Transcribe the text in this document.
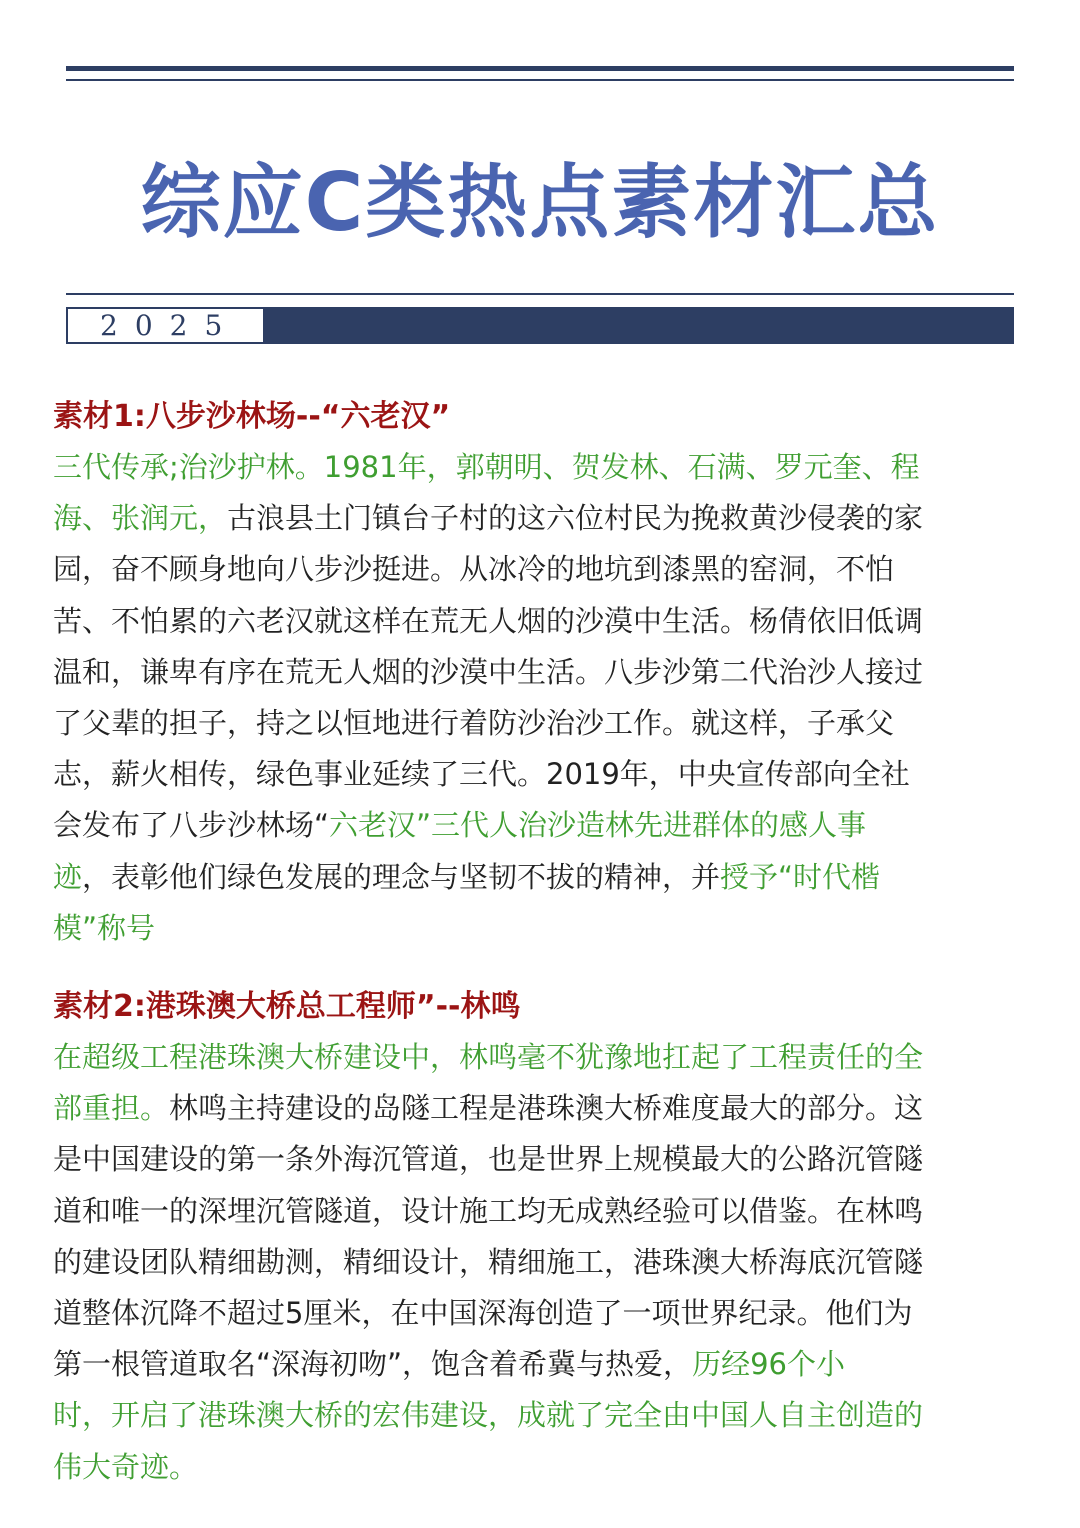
综应C类热点素材汇总
2025
素材1:八步沙林场--“六老汉”
三代传承;治沙护林。1981年，郭朝明、贺发林、石满、罗元奎、程
海、张润元，古浪县土门镇台子村的这六位村民为挽救黄沙侵袭的家
园，奋不顾身地向八步沙挺进。从冰冷的地坑到漆黑的窑洞，不怕
苦、不怕累的六老汉就这样在荒无人烟的沙漠中生活。杨倩依旧低调
温和，谦卑有序在荒无人烟的沙漠中生活。八步沙第二代治沙人接过
了父辈的担子，持之以恒地进行着防沙治沙工作。就这样，子承父
志，薪火相传，绿色事业延续了三代。2019年，中央宣传部向全社
会发布了八步沙林场“六老汉”三代人治沙造林先进群体的感人事
迹，表彰他们绿色发展的理念与坚韧不拔的精神，并授予“时代楷
模”称号
素材2:港珠澳大桥总工程师”--林鸣
在超级工程港珠澳大桥建设中，林鸣毫不犹豫地扛起了工程责任的全
部重担。林鸣主持建设的岛隧工程是港珠澳大桥难度最大的部分。这
是中国建设的第一条外海沉管道，也是世界上规模最大的公路沉管隧
道和唯一的深埋沉管隧道，设计施工均无成熟经验可以借鉴。在林鸣
的建设团队精细勘测，精细设计，精细施工，港珠澳大桥海底沉管隧
道整体沉降不超过5厘米，在中国深海创造了一项世界纪录。他们为
第一根管道取名“深海初吻”，饱含着希冀与热爱，历经96个小
时，开启了港珠澳大桥的宏伟建设，成就了完全由中国人自主创造的
伟大奇迹。
